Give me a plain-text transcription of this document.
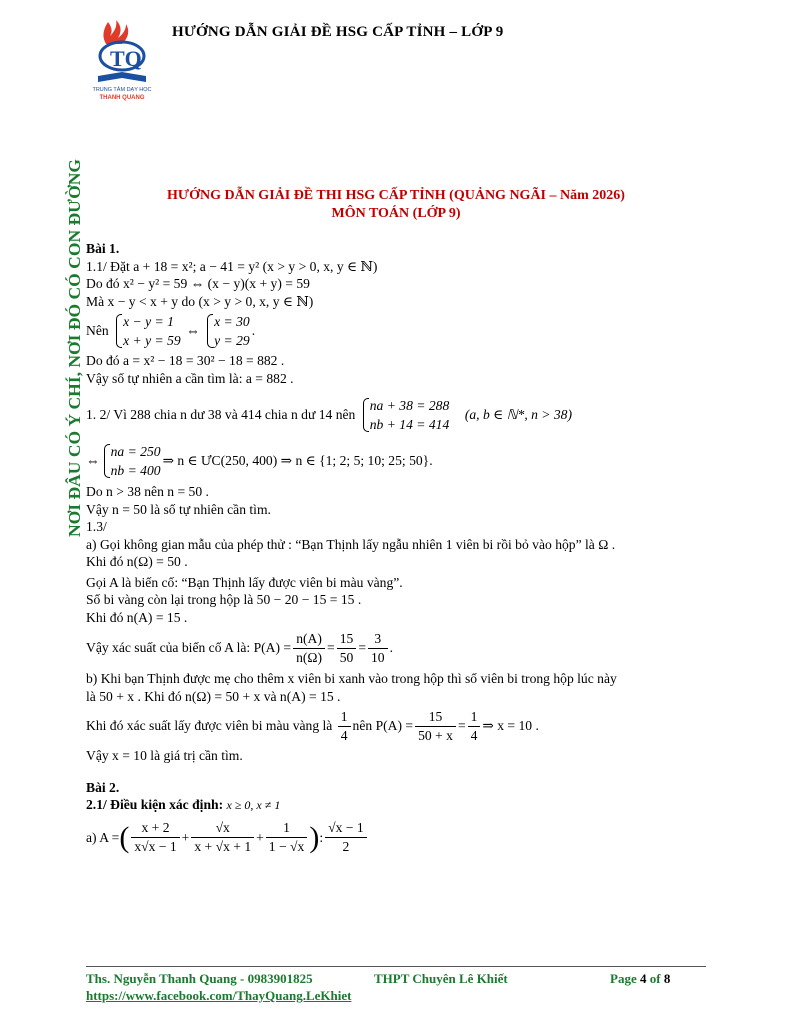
HƯỚNG DẪN GIẢI ĐỀ HSG CẤP TỈNH – LỚP 9
TQ
TRUNG TÂM DẠY HỌC
THANH QUANG
NƠI ĐÂU CÓ Ý CHÍ, NƠI ĐÓ CÓ CON ĐƯỜNG	HƯỚNG DẪN GIẢI ĐỀ THI HSG CẤP TỈNH (QUẢNG NGÃI – Năm 2026)
MÔN TOÁN (LỚP 9)

Bài 1.

1.1/ Đặt a + 18 = x²; a − 41 = y² (x > y > 0, x, y ∈ ℕ)

Do đó x² − y² = 59 ⇔ (x − y)(x + y) = 59

Mà x − y < x + y do (x > y > 0, x, y ∈ ℕ)

Nên

x − y = 1
x + y = 59

⇔

x = 30
y = 29
.

Do đó a = x² − 18 = 30² − 18 = 882 .

Vậy số tự nhiên a cần tìm là: a = 882 .

1. 2/ Vì 288 chia n dư 38 và 414 chia n dư 14 nên

na + 38 = 288
nb + 14 = 414

(a, b ∈ ℕ*, n > 38)

⇔
na = 250
nb = 400
⇒ n ∈ ƯC(250, 400) ⇒ n ∈ {1; 2; 5; 10; 25; 50}.

Do n > 38 nên n = 50 .

Vậy n = 50 là số tự nhiên cần tìm.

1.3/

a) Gọi không gian mẫu của phép thử : “Bạn Thịnh lấy ngẫu nhiên 1 viên bi rồi bỏ vào hộp” là Ω .

Khi đó n(Ω) = 50 .

Gọi A là biến cố: “Bạn Thịnh lấy được viên bi màu vàng”.

Số bi vàng còn lại trong hộp là 50 − 20 − 15 = 15 .

Khi đó n(A) = 15 .

Vậy xác suất của biến cố A là: $P(A) = \frac{n(A)}{n(\Omega)} = \frac{15}{50} = \frac{3}{10}$ .

b) Khi bạn Thịnh được mẹ cho thêm x viên bi xanh vào trong hộp thì số viên bi trong hộp lúc này

là 50 + x . Khi đó n(Ω) = 50 + x và n(A) = 15 .

Khi đó xác suất lấy được viên bi màu vàng là
$\frac{1}{4}$ nên $P(A) = \frac{15}{50 + x} = \frac{1}{4}$ ⇒ x = 10 .

Vậy x = 10 là giá trị cần tìm.

Bài 2.

2.1/ Điều kiện xác định: x ≥ 0, x ≠ 1

a) A = ( $\frac{x + 2}{x√x - 1} + \frac{√x}{x + √x + 1} + \frac{1}{1 - √x}$ ) : $\frac{√x - 1}{2}$

Ths. Nguyễn Thanh Quang - 0983901825	THPT Chuyên Lê Khiết	Page 4 of 8
https://www.facebook.com/ThayQuang.LeKhiet
